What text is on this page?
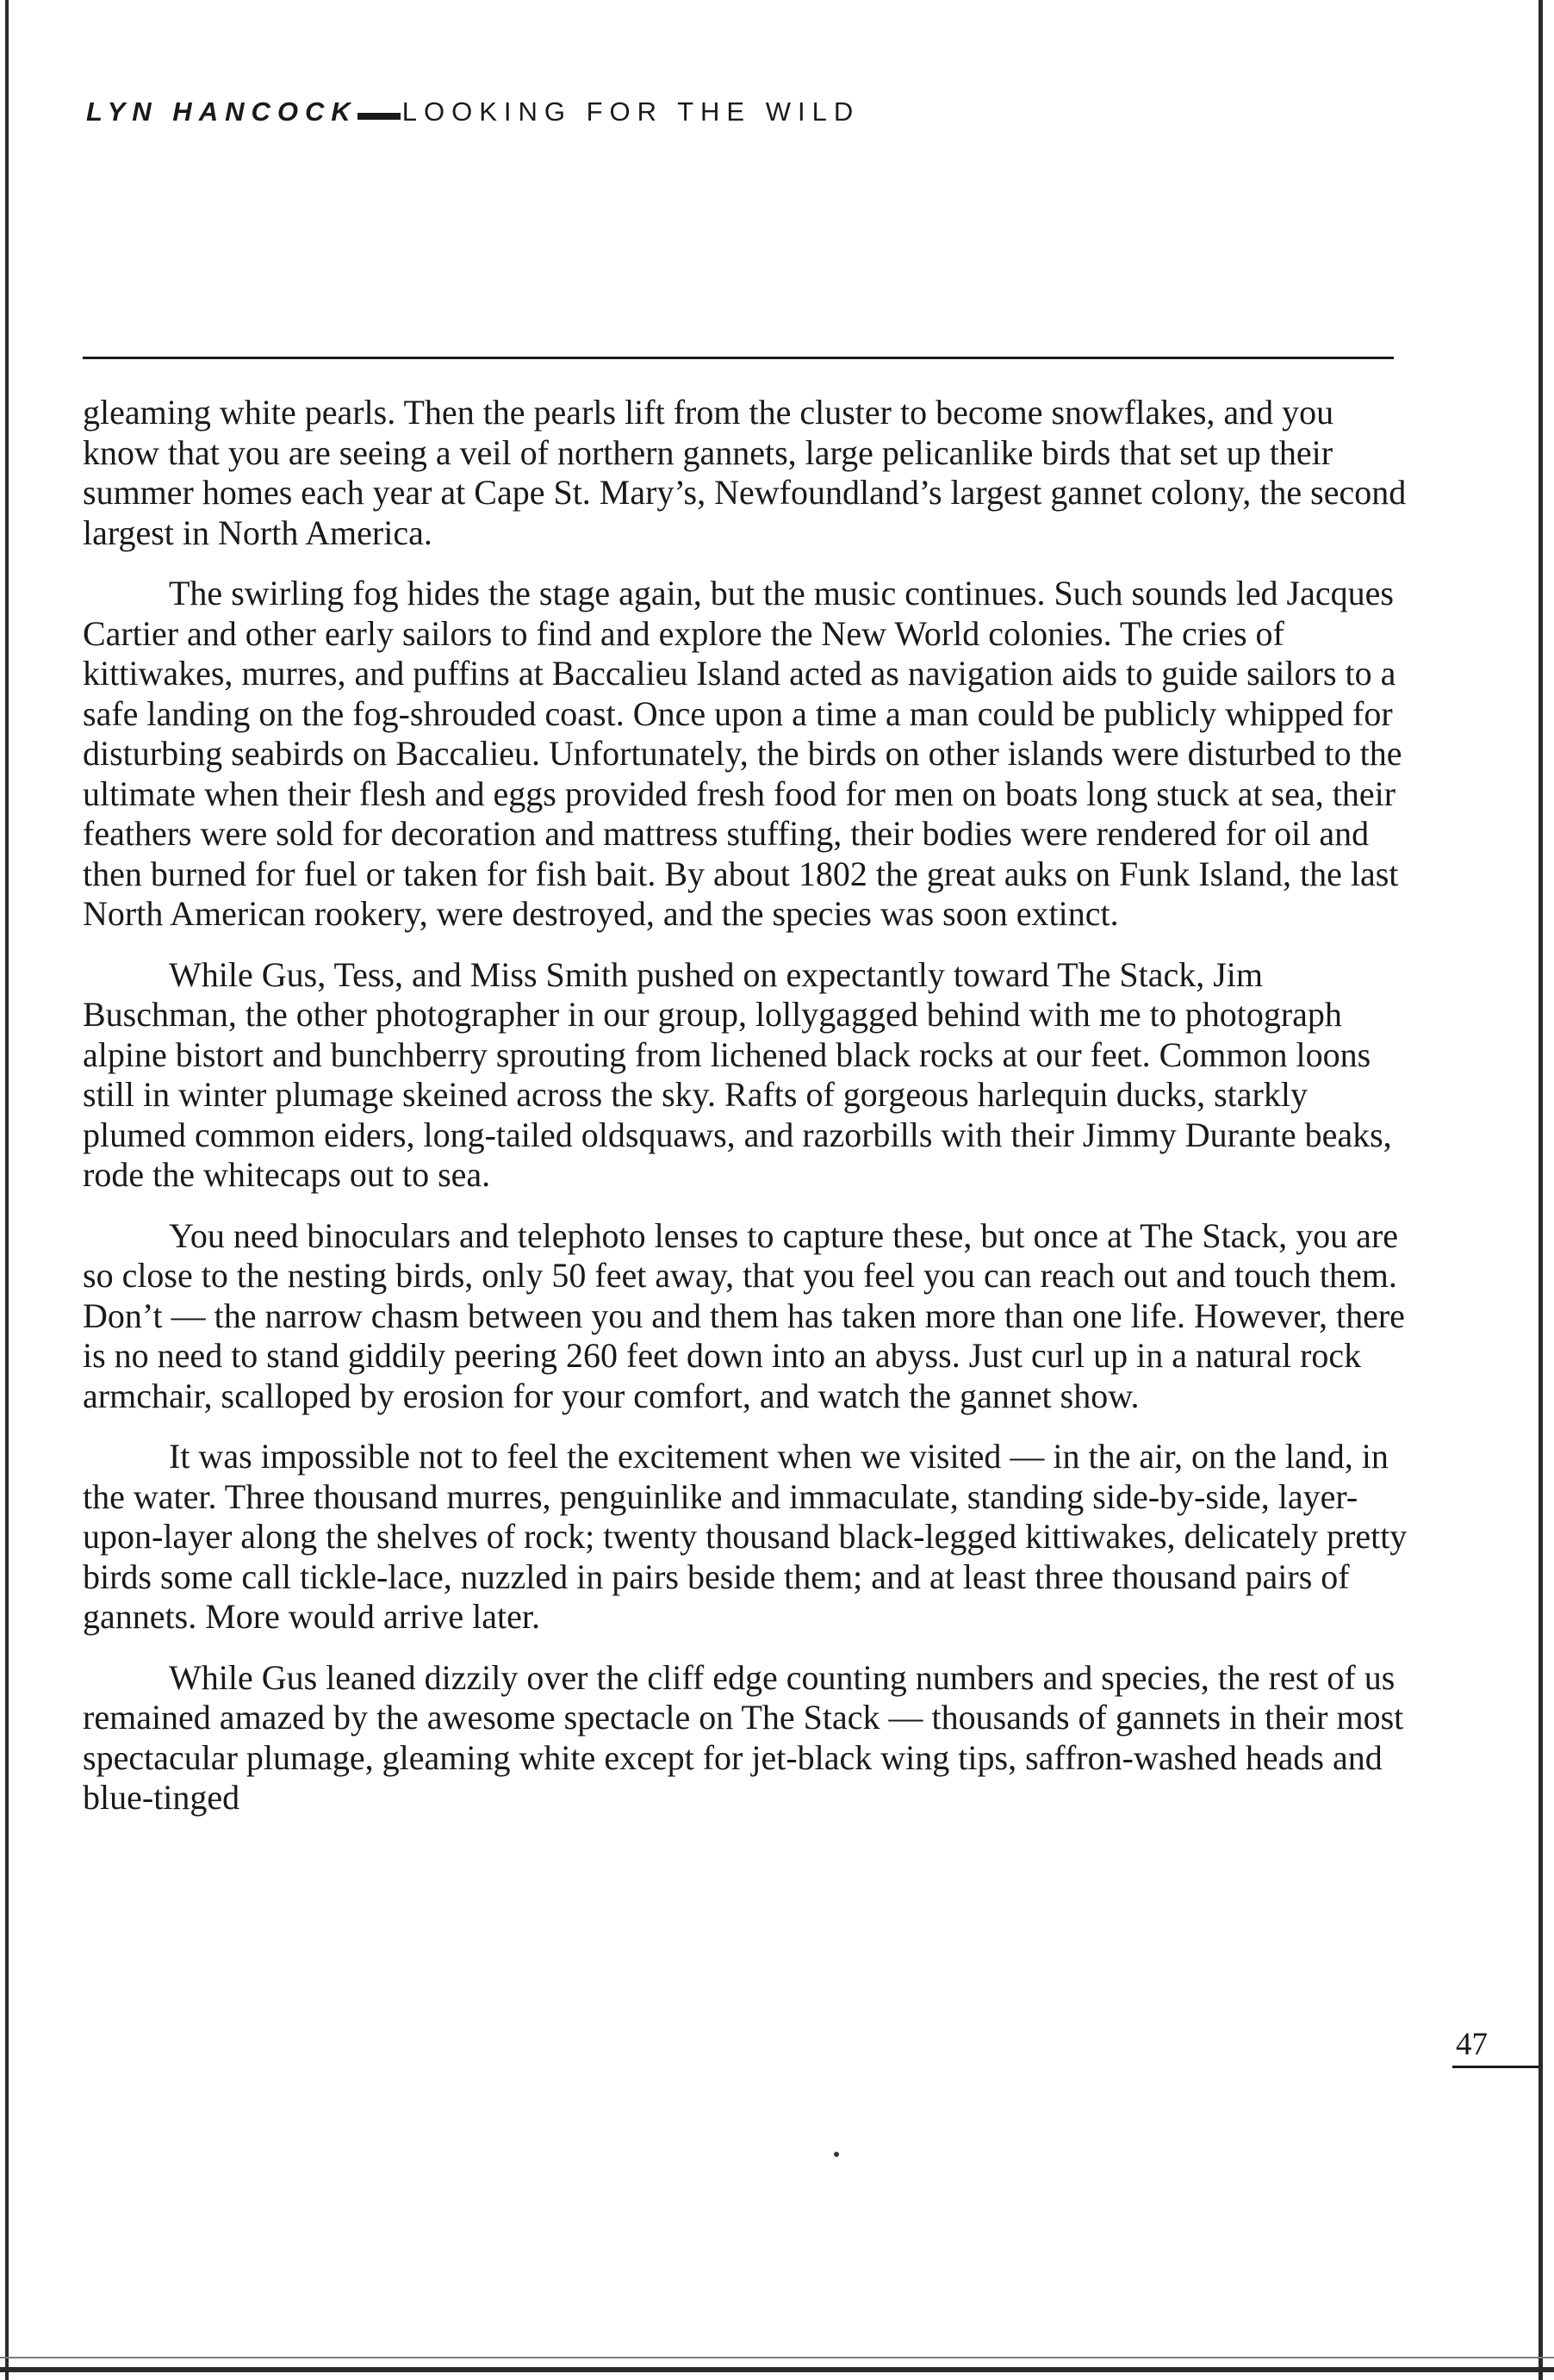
LYN HANCOCK LOOKING FOR THE WILD

gleaming white pearls. Then the pearls lift from the cluster to become snowflakes, and you know that you are seeing a veil of northern gannets, large pelicanlike birds that set up their summer homes each year at Cape St. Mary’s, Newfoundland’s largest gannet colony, the second largest in North America.

The swirling fog hides the stage again, but the music continues. Such sounds led Jacques Cartier and other early sailors to find and explore the New World colonies. The cries of kittiwakes, murres, and puffins at Baccalieu Island acted as navigation aids to guide sailors to a safe landing on the fog-shrouded coast. Once upon a time a man could be publicly whipped for disturbing seabirds on Baccalieu. Unfortunately, the birds on other islands were disturbed to the ultimate when their flesh and eggs provided fresh food for men on boats long stuck at sea, their feathers were sold for decoration and mattress stuffing, their bodies were rendered for oil and then burned for fuel or taken for fish bait. By about 1802 the great auks on Funk Island, the last North American rookery, were destroyed, and the species was soon extinct.

While Gus, Tess, and Miss Smith pushed on expectantly toward The Stack, Jim Buschman, the other photographer in our group, lollygagged behind with me to photograph alpine bistort and bunchberry sprouting from lichened black rocks at our feet. Common loons still in winter plumage skeined across the sky. Rafts of gorgeous harlequin ducks, starkly plumed common eiders, long-tailed oldsquaws, and razorbills with their Jimmy Durante beaks, rode the whitecaps out to sea.

You need binoculars and telephoto lenses to capture these, but once at The Stack, you are so close to the nesting birds, only 50 feet away, that you feel you can reach out and touch them. Don’t — the narrow chasm between you and them has taken more than one life. However, there is no need to stand giddily peering 260 feet down into an abyss. Just curl up in a natural rock armchair, scalloped by erosion for your comfort, and watch the gannet show.

It was impossible not to feel the excitement when we visited — in the air, on the land, in the water. Three thousand murres, penguinlike and immaculate, standing side-by-side, layer-upon-layer along the shelves of rock; twenty thousand black-legged kittiwakes, delicately pretty birds some call tickle-lace, nuzzled in pairs beside them; and at least three thousand pairs of gannets. More would arrive later.

While Gus leaned dizzily over the cliff edge counting numbers and species, the rest of us remained amazed by the awesome spectacle on The Stack — thousands of gannets in their most spectacular plumage, gleaming white except for jet-black wing tips, saffron-washed heads and blue-tinged

47
